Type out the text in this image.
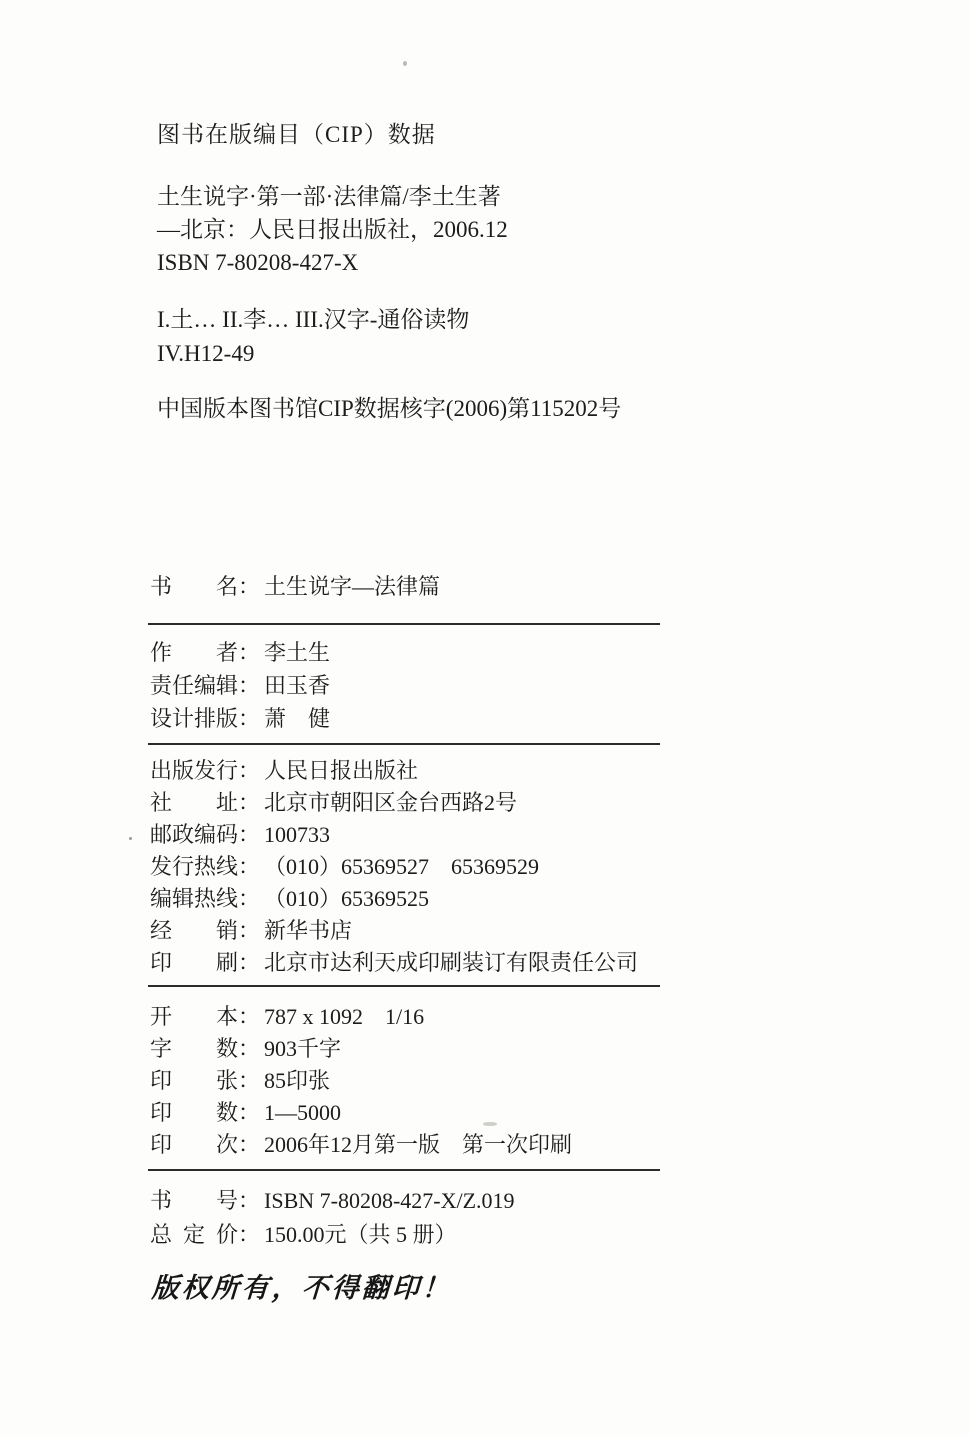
图书在版编目（CIP）数据
土生说字·第一部·法律篇/李土生著
—北京：人民日报出版社，2006.12
ISBN 7-80208-427-X
I.土… II.李… III.汉字-通俗读物
IV.H12-49
中国版本图书馆CIP数据核字(2006)第115202号
书名： 土生说字—法律篇
作者： 李土生
责任编辑： 田玉香
设计排版： 萧　健
出版发行： 人民日报出版社
社址： 北京市朝阳区金台西路2号
邮政编码： 100733
发行热线： （010）65369527　65369529
编辑热线： （010）65369525
经销： 新华书店
印刷： 北京市达利天成印刷装订有限责任公司
开本： 787 x 1092　1/16
字数： 903千字
印张： 85印张
印数： 1—5000
印次： 2006年12月第一版　第一次印刷
书号： ISBN 7-80208-427-X/Z.019
总定价： 150.00元（共 5 册）
版权所有，不得翻印！
